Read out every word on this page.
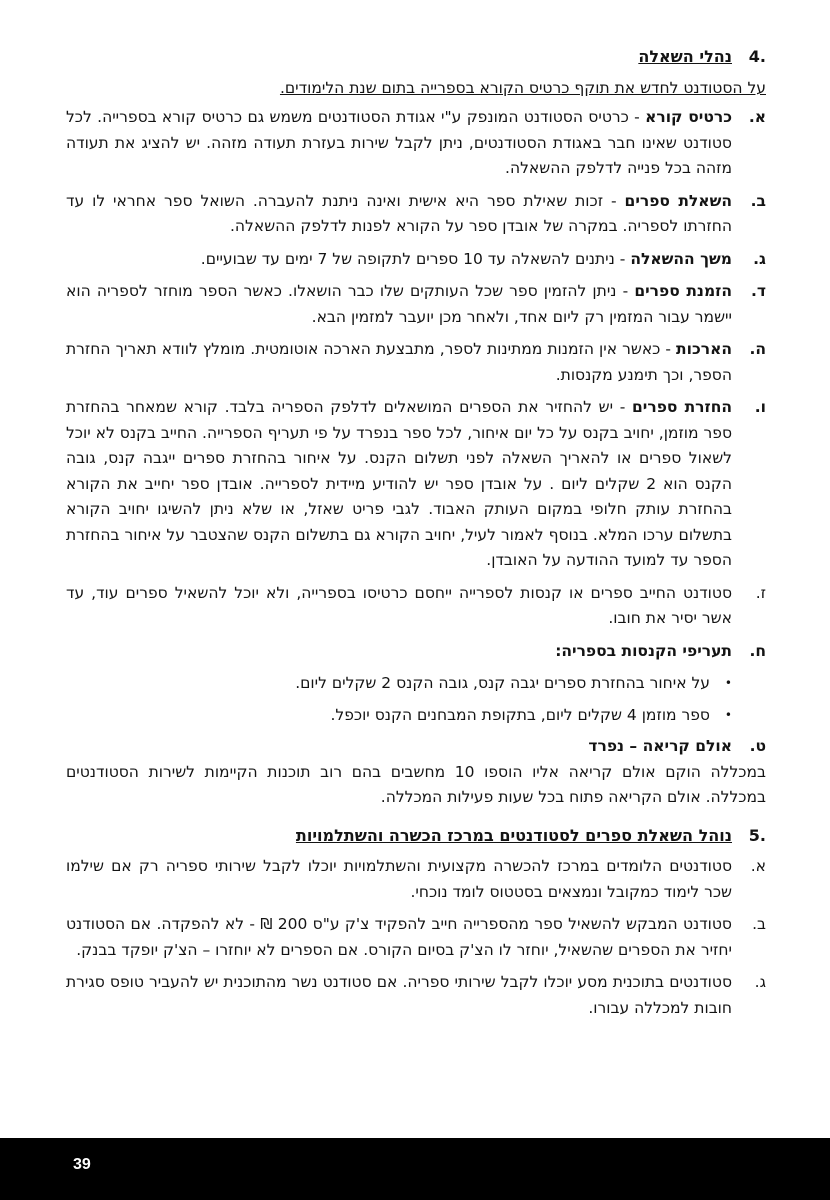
.4
נהלי השאלה
על הסטודנט לחדש את תוקף כרטיס הקורא בספרייה בתום שנת הלימודים.
א.
כרטיס קורא - כרטיס הסטודנט המונפק ע"י אגודת הסטודנטים משמש גם כרטיס קורא בספרייה. לכל סטודנט שאינו חבר באגודת הסטודנטים, ניתן לקבל שירות בעזרת תעודה מזהה. יש להציג את תעודה מזהה בכל פנייה לדלפק ההשאלה.
ב.
השאלת ספרים - זכות שאילת ספר היא אישית ואינה ניתנת להעברה. השואל ספר אחראי לו עד החזרתו לספריה. במקרה של אובדן ספר על הקורא לפנות לדלפק ההשאלה.
ג.
משך ההשאלה - ניתנים להשאלה עד 10 ספרים לתקופה של 7 ימים עד שבועיים.
ד.
הזמנת ספרים - ניתן להזמין ספר שכל העותקים שלו כבר הושאלו. כאשר הספר מוחזר לספריה הוא יישמר עבור המזמין רק ליום אחד, ולאחר מכן יועבר למזמין הבא.
ה.
הארכות - כאשר אין הזמנות ממתינות לספר, מתבצעת הארכה אוטומטית. מומלץ לוודא תאריך החזרת הספר, וכך תימנע מקנסות.
ו.
החזרת ספרים - יש להחזיר את הספרים המושאלים לדלפק הספריה בלבד. קורא שמאחר בהחזרת ספר מוזמן, יחויב בקנס על כל יום איחור, לכל ספר בנפרד על פי תעריף הספרייה. החייב בקנס לא יוכל לשאול ספרים או להאריך השאלה לפני תשלום הקנס. על איחור בהחזרת ספרים ייגבה קנס, גובה הקנס הוא 2 שקלים ליום . על אובדן ספר יש להודיע מיידית לספרייה. אובדן ספר יחייב את הקורא בהחזרת עותק חלופי במקום העותק האבוד. לגבי פריט שאזל, או שלא ניתן להשיגו יחויב הקורא בתשלום ערכו המלא. בנוסף לאמור לעיל, יחויב הקורא גם בתשלום הקנס שהצטבר על איחור בהחזרת הספר עד למועד ההודעה על האובדן.
ז.
סטודנט החייב ספרים או קנסות לספרייה ייחסם כרטיסו בספרייה, ולא יוכל להשאיל ספרים עוד, עד אשר יסיר את חובו.
ח.
תעריפי הקנסות בספריה:
•
על איחור בהחזרת ספרים יגבה קנס, גובה הקנס 2 שקלים ליום.
•
ספר מוזמן 4 שקלים ליום, בתקופת המבחנים הקנס יוכפל.
ט.
אולם קריאה – נפרד
במכללה הוקם אולם קריאה אליו הוספו 10 מחשבים בהם רוב תוכנות הקיימות לשירות הסטודנטים במכללה. אולם הקריאה פתוח בכל שעות פעילות המכללה.
.5
נוהל השאלת ספרים לסטודנטים במרכז הכשרה והשתלמויות
א.
סטודנטים הלומדים במרכז להכשרה מקצועית והשתלמויות יוכלו לקבל שירותי ספריה רק אם שילמו שכר לימוד כמקובל ונמצאים בסטטוס לומד נוכחי.
ב.
סטודנט המבקש להשאיל ספר מהספרייה חייב להפקיד צ'ק ע"ס 200 ₪ - לא להפקדה. אם הסטודנט יחזיר את הספרים שהשאיל, יוחזר לו הצ'ק בסיום הקורס. אם הספרים לא יוחזרו – הצ'ק יופקד בבנק.
ג.
סטודנטים בתוכנית מסע יוכלו לקבל שירותי ספריה. אם סטודנט נשר מהתוכנית יש להעביר טופס סגירת חובות למכללה עבורו.
39
